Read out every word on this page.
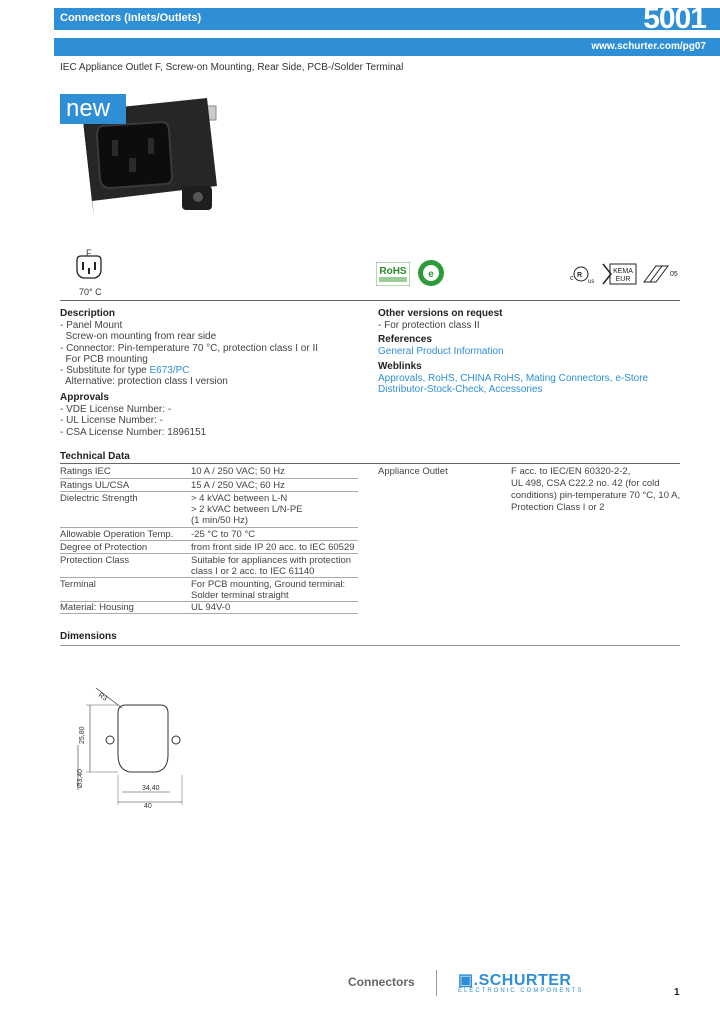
Connectors (Inlets/Outlets)	5001
www.schurter.com/pg07
IEC Appliance Outlet F, Screw-on Mounting, Rear Side, PCB-/Solder Terminal
new
F
70° C
RoHS e	c R
us
KEMA
EUR
05
Description
- Panel Mount
Screw-on mounting from rear side
- Connector: Pin-temperature 70 °C, protection class I or II
For PCB mounting
- Substitute for type E673/PC
Alternative: protection class I version
Approvals
- VDE License Number: -
- UL License Number: -
- CSA License Number: 1896151
Other versions on request
- For protection class II
References
General Product Information
Weblinks
Approvals, RoHS, CHINA RoHS, Mating Connectors, e-Store
Distributor-Stock-Check, Accessories
Technical Data
Ratings IEC	10 A / 250 VAC; 50 Hz
Ratings UL/CSA	15 A / 250 VAC; 60 Hz
Dielectric Strength	> 4 kVAC between L-N
> 2 kVAC between L/N-PE
(1 min/50 Hz)
Allowable Operation Temp. -25 °C to 70 °C
Degree of Protection	from front side IP 20 acc. to IEC 60529
Protection Class	Suitable for appliances with protection
class I or 2 acc. to IEC 61140
Terminal	For PCB mounting, Ground terminal:
Solder terminal straight
Material: Housing	UL 94V-0
Appliance Outlet	F acc. to IEC/EN 60320-2-2,
UL 498, CSA C22.2 no. 42 (for cold
conditions) pin-temperature 70 °C, 10 A,
Protection Class I or 2
Dimensions
R3
25,80
Ø3,40
34,40
40
Connectors	▣.SCHURTER
ELECTRONIC COMPONENTS	1
